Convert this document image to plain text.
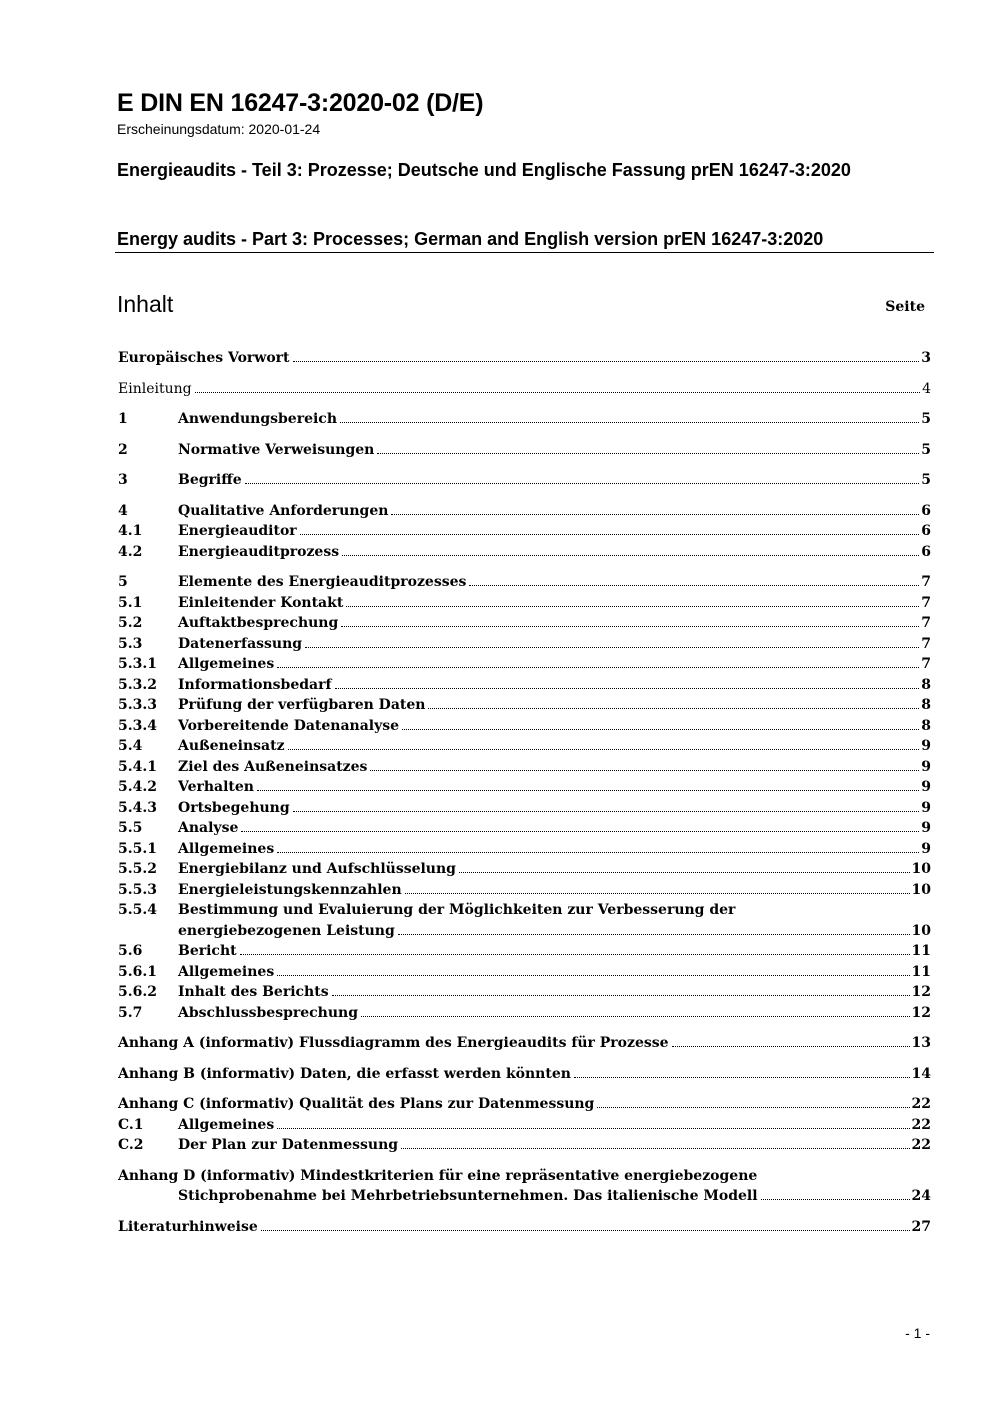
E DIN EN 16247-3:2020-02 (D/E)
Erscheinungsdatum: 2020-01-24
Energieaudits - Teil 3: Prozesse; Deutsche und Englische Fassung prEN 16247-3:2020
Energy audits - Part 3: Processes; German and English version prEN 16247-3:2020
Inhalt	Seite
Europäisches Vorwort	3
Einleitung	4
1	Anwendungsbereich	5
2	Normative Verweisungen	5
3	Begriffe	5
4	Qualitative Anforderungen	6
4.1	Energieauditor	6
4.2	Energieauditprozess	6
5	Elemente des Energieauditprozesses	7
5.1	Einleitender Kontakt	7
5.2	Auftaktbesprechung	7
5.3	Datenerfassung	7
5.3.1	Allgemeines	7
5.3.2	Informationsbedarf	8
5.3.3	Prüfung der verfügbaren Daten	8
5.3.4	Vorbereitende Datenanalyse	8
5.4	Außeneinsatz	9
5.4.1	Ziel des Außeneinsatzes	9
5.4.2	Verhalten	9
5.4.3	Ortsbegehung	9
5.5	Analyse	9
5.5.1	Allgemeines	9
5.5.2	Energiebilanz und Aufschlüsselung	10
5.5.3	Energieleistungskennzahlen	10
5.5.4	Bestimmung und Evaluierung der Möglichkeiten zur Verbesserung der
energiebezogenen Leistung	10
5.6	Bericht	11
5.6.1	Allgemeines	11
5.6.2	Inhalt des Berichts	12
5.7	Abschlussbesprechung	12
Anhang A (informativ) Flussdiagramm des Energieaudits für Prozesse	13
Anhang B (informativ) Daten, die erfasst werden könnten	14
Anhang C (informativ) Qualität des Plans zur Datenmessung	22
C.1	Allgemeines	22
C.2	Der Plan zur Datenmessung	22
Anhang D (informativ) Mindestkriterien für eine repräsentative energiebezogene
Stichprobenahme bei Mehrbetriebsunternehmen. Das italienische Modell	24
Literaturhinweise	27
- 1 -
